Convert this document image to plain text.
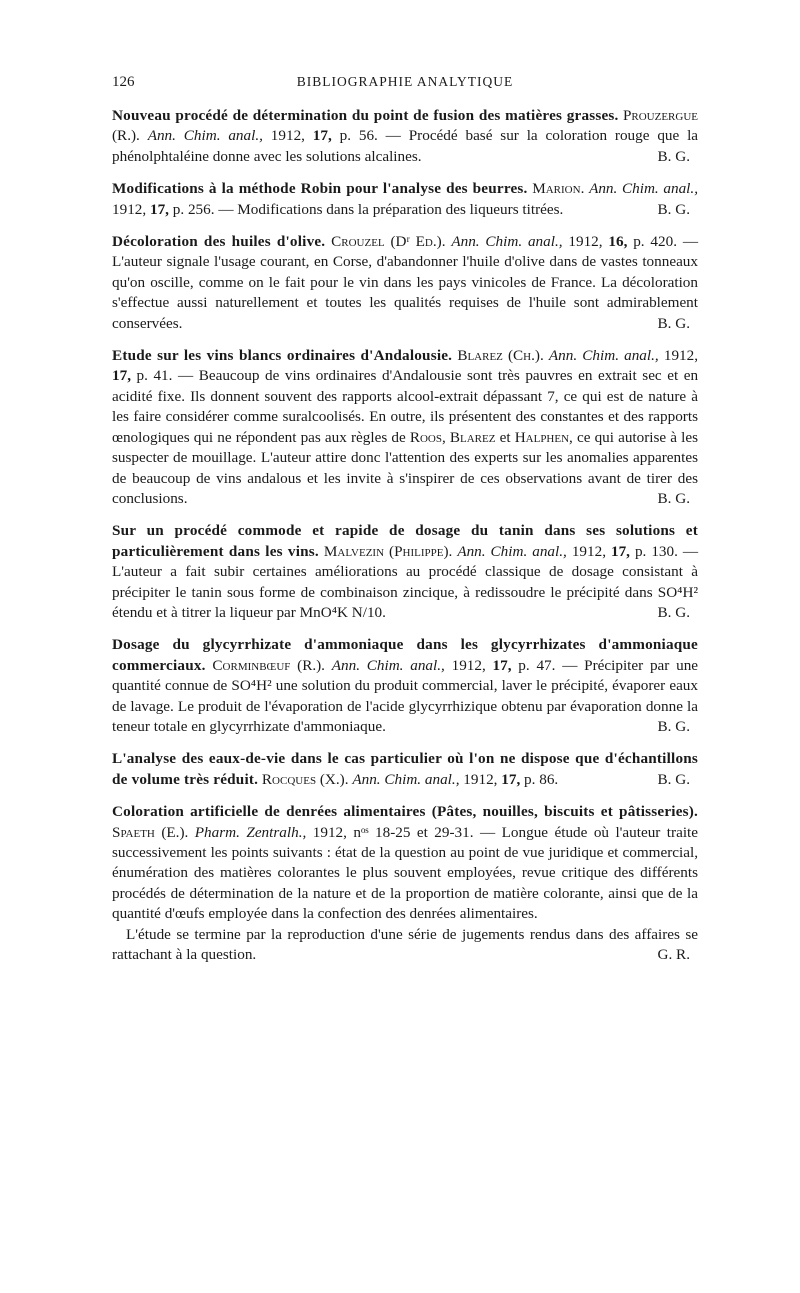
126	BIBLIOGRAPHIE ANALYTIQUE

Nouveau procédé de détermination du point de fusion des matières grasses. Prouzergue (R.). Ann. Chim. anal., 1912, 17, p. 56. — Procédé basé sur la coloration rouge que la phénolphtaléine donne avec les solutions alcalines.	B. G.

Modifications à la méthode Robin pour l'analyse des beurres. Marion. Ann. Chim. anal., 1912, 17, p. 256. — Modifications dans la préparation des liqueurs titrées.	B. G.

Décoloration des huiles d'olive. Crouzel (Dʳ Ed.). Ann. Chim. anal., 1912, 16, p. 420. — L'auteur signale l'usage courant, en Corse, d'abandonner l'huile d'olive dans de vastes tonneaux qu'on oscille, comme on le fait pour le vin dans les pays vinicoles de France. La décoloration s'effectue aussi naturellement et toutes les qualités requises de l'huile sont admirablement conservées.	B. G.

Etude sur les vins blancs ordinaires d'Andalousie. Blarez (Ch.). Ann. Chim. anal., 1912, 17, p. 41. — Beaucoup de vins ordinaires d'Andalousie sont très pauvres en extrait sec et en acidité fixe. Ils donnent souvent des rapports alcool-extrait dépassant 7, ce qui est de nature à les faire considérer comme suralcoolisés. En outre, ils présentent des constantes et des rapports œnologiques qui ne répondent pas aux règles de Roos, Blarez et Halphen, ce qui autorise à les suspecter de mouillage. L'auteur attire donc l'attention des experts sur les anomalies apparentes de beaucoup de vins andalous et les invite à s'inspirer de ces observations avant de tirer des conclusions.	B. G.

Sur un procédé commode et rapide de dosage du tanin dans ses solutions et particulièrement dans les vins. Malvezin (Philippe). Ann. Chim. anal., 1912, 17, p. 130. — L'auteur a fait subir certaines améliorations au procédé classique de dosage consistant à précipiter le tanin sous forme de combinaison zincique, à redissoudre le précipité dans SO⁴H² étendu et à titrer la liqueur par MnO⁴K N/10.	B. G.

Dosage du glycyrrhizate d'ammoniaque dans les glycyrrhizates d'ammoniaque commerciaux. Corminbœuf (R.). Ann. Chim. anal., 1912, 17, p. 47. — Précipiter par une quantité connue de SO⁴H² une solution du produit commercial, laver le précipité, évaporer eaux de lavage. Le produit de l'évaporation de l'acide glycyrrhizique obtenu par évaporation donne la teneur totale en glycyrrhizate d'ammoniaque.	B. G.

L'analyse des eaux-de-vie dans le cas particulier où l'on ne dispose que d'échantillons de volume très réduit. Rocques (X.). Ann. Chim. anal., 1912, 17, p. 86.	B. G.

Coloration artificielle de denrées alimentaires (Pâtes, nouilles, biscuits et pâtisseries). Spaeth (E.). Pharm. Zentralh., 1912, nᵒˢ 18-25 et 29-31. — Longue étude où l'auteur traite successivement les points suivants : état de la question au point de vue juridique et commercial, énumération des matières colorantes le plus souvent employées, revue critique des différents procédés de détermination de la nature et de la proportion de matière colorante, ainsi que de la quantité d'œufs employée dans la confection des denrées alimentaires.

L'étude se termine par la reproduction d'une série de jugements rendus dans des affaires se rattachant à la question.	G. R.
